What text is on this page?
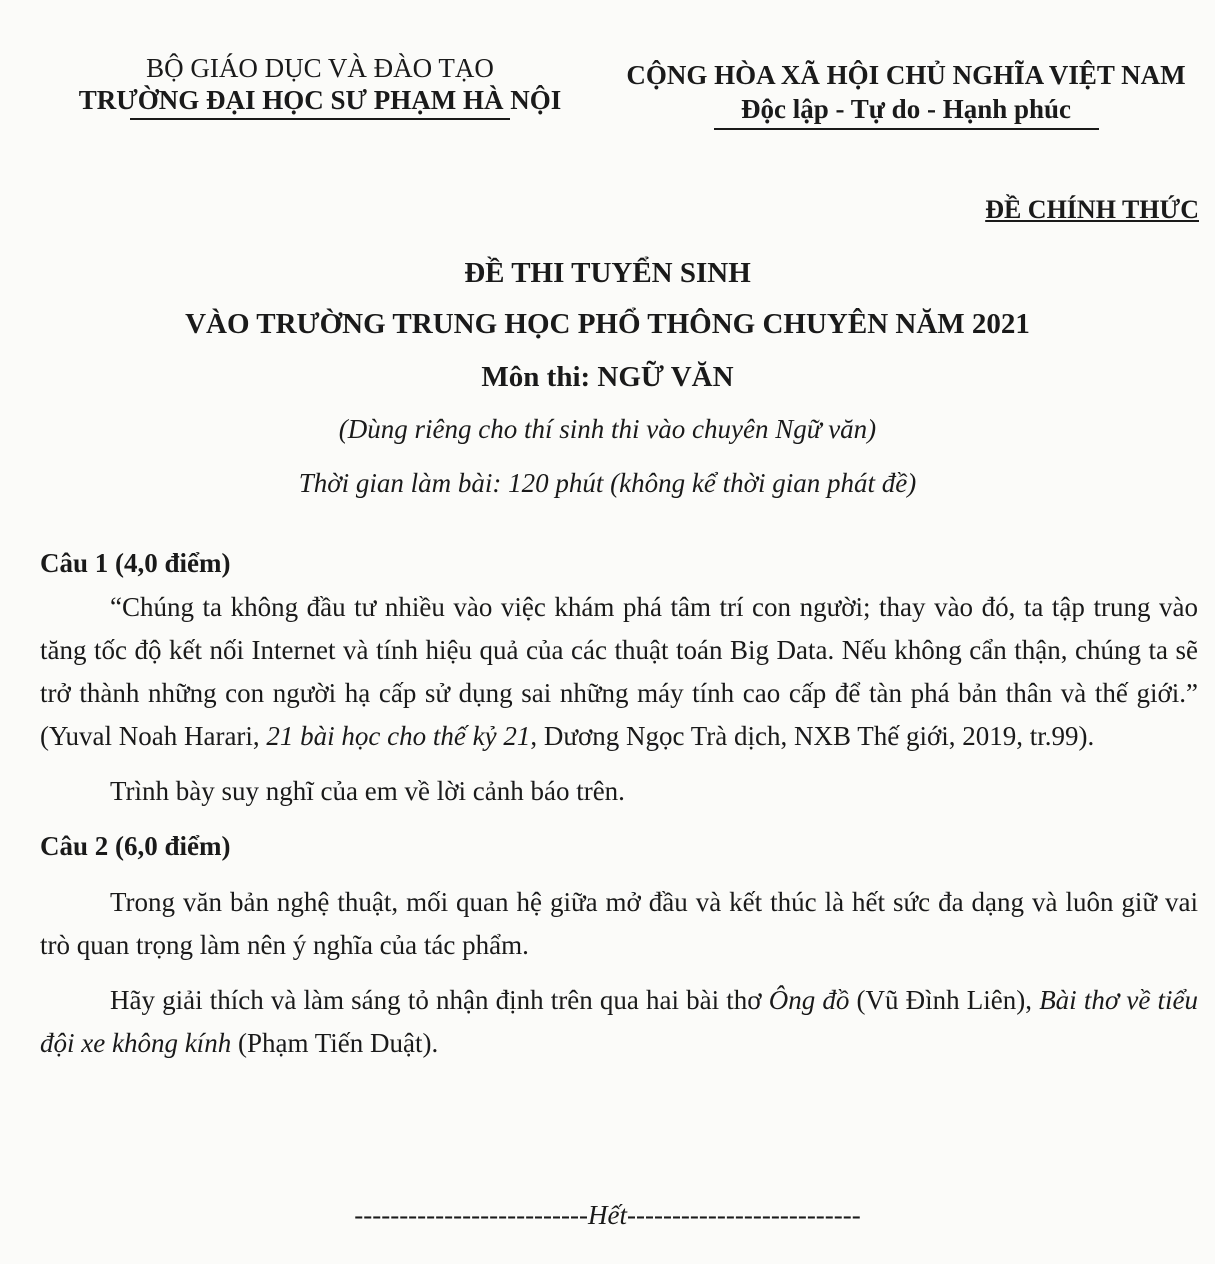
BỘ GIÁO DỤC VÀ ĐÀO TẠO
TRƯỜNG ĐẠI HỌC SƯ PHẠM HÀ NỘI
CỘNG HÒA XÃ HỘI CHỦ NGHĨA VIỆT NAM
Độc lập - Tự do - Hạnh phúc
ĐỀ CHÍNH THỨC
ĐỀ THI TUYỂN SINH
VÀO TRƯỜNG TRUNG HỌC PHỔ THÔNG CHUYÊN NĂM 2021
Môn thi: NGỮ VĂN
(Dùng riêng cho thí sinh thi vào chuyên Ngữ văn)
Thời gian làm bài: 120 phút (không kể thời gian phát đề)

Câu 1 (4,0 điểm)

“Chúng ta không đầu tư nhiều vào việc khám phá tâm trí con người; thay vào đó, ta tập trung vào tăng tốc độ kết nối Internet và tính hiệu quả của các thuật toán Big Data. Nếu không cẩn thận, chúng ta sẽ trở thành những con người hạ cấp sử dụng sai những máy tính cao cấp để tàn phá bản thân và thế giới.” (Yuval Noah Harari, 21 bài học cho thế kỷ 21, Dương Ngọc Trà dịch, NXB Thế giới, 2019, tr.99).

Trình bày suy nghĩ của em về lời cảnh báo trên.

Câu 2 (6,0 điểm)

Trong văn bản nghệ thuật, mối quan hệ giữa mở đầu và kết thúc là hết sức đa dạng và luôn giữ vai trò quan trọng làm nên ý nghĩa của tác phẩm.

Hãy giải thích và làm sáng tỏ nhận định trên qua hai bài thơ Ông đồ (Vũ Đình Liên), Bài thơ về tiểu đội xe không kính (Phạm Tiến Duật).

--------------------------Hết--------------------------
